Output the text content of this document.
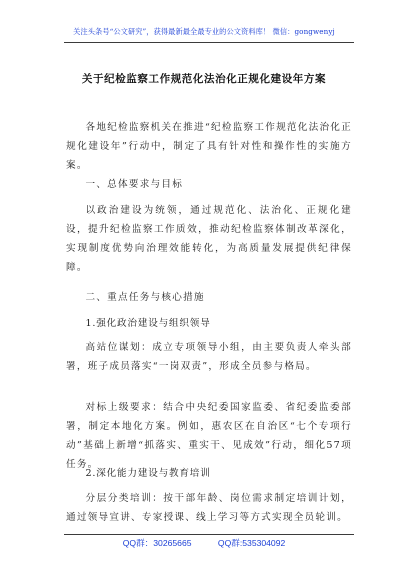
关注头条号“公文研究”，获得最新最全最专业的公文资料库！ 微信：gongwenyj
关于纪检监察工作规范化法治化正规化建设年方案
各地纪检监察机关在推进“纪检监察工作规范化法治化正规化建设年”行动中，制定了具有针对性和操作性的实施方案。
一、总体要求与目标
以政治建设为统领，通过规范化、法治化、正规化建设，提升纪检监察工作质效，推动纪检监察体制改革深化，实现制度优势向治理效能转化，为高质量发展提供纪律保障。
二、重点任务与核心措施
1.强化政治建设与组织领导
高站位谋划：成立专项领导小组，由主要负责人牵头部署，班子成员落实“一岗双责”，形成全员参与格局。
对标上级要求：结合中央纪委国家监委、省纪委监委部署，制定本地化方案。例如，惠农区在自治区“七个专项行动”基础上新增“抓落实、重实干、见成效”行动，细化57项任务。
2.深化能力建设与教育培训
分层分类培训：按干部年龄、岗位需求制定培训计划，通过领导宣讲、专家授课、线上学习等方式实现全员轮训。
QQ群：30265665	QQ群:535304092
